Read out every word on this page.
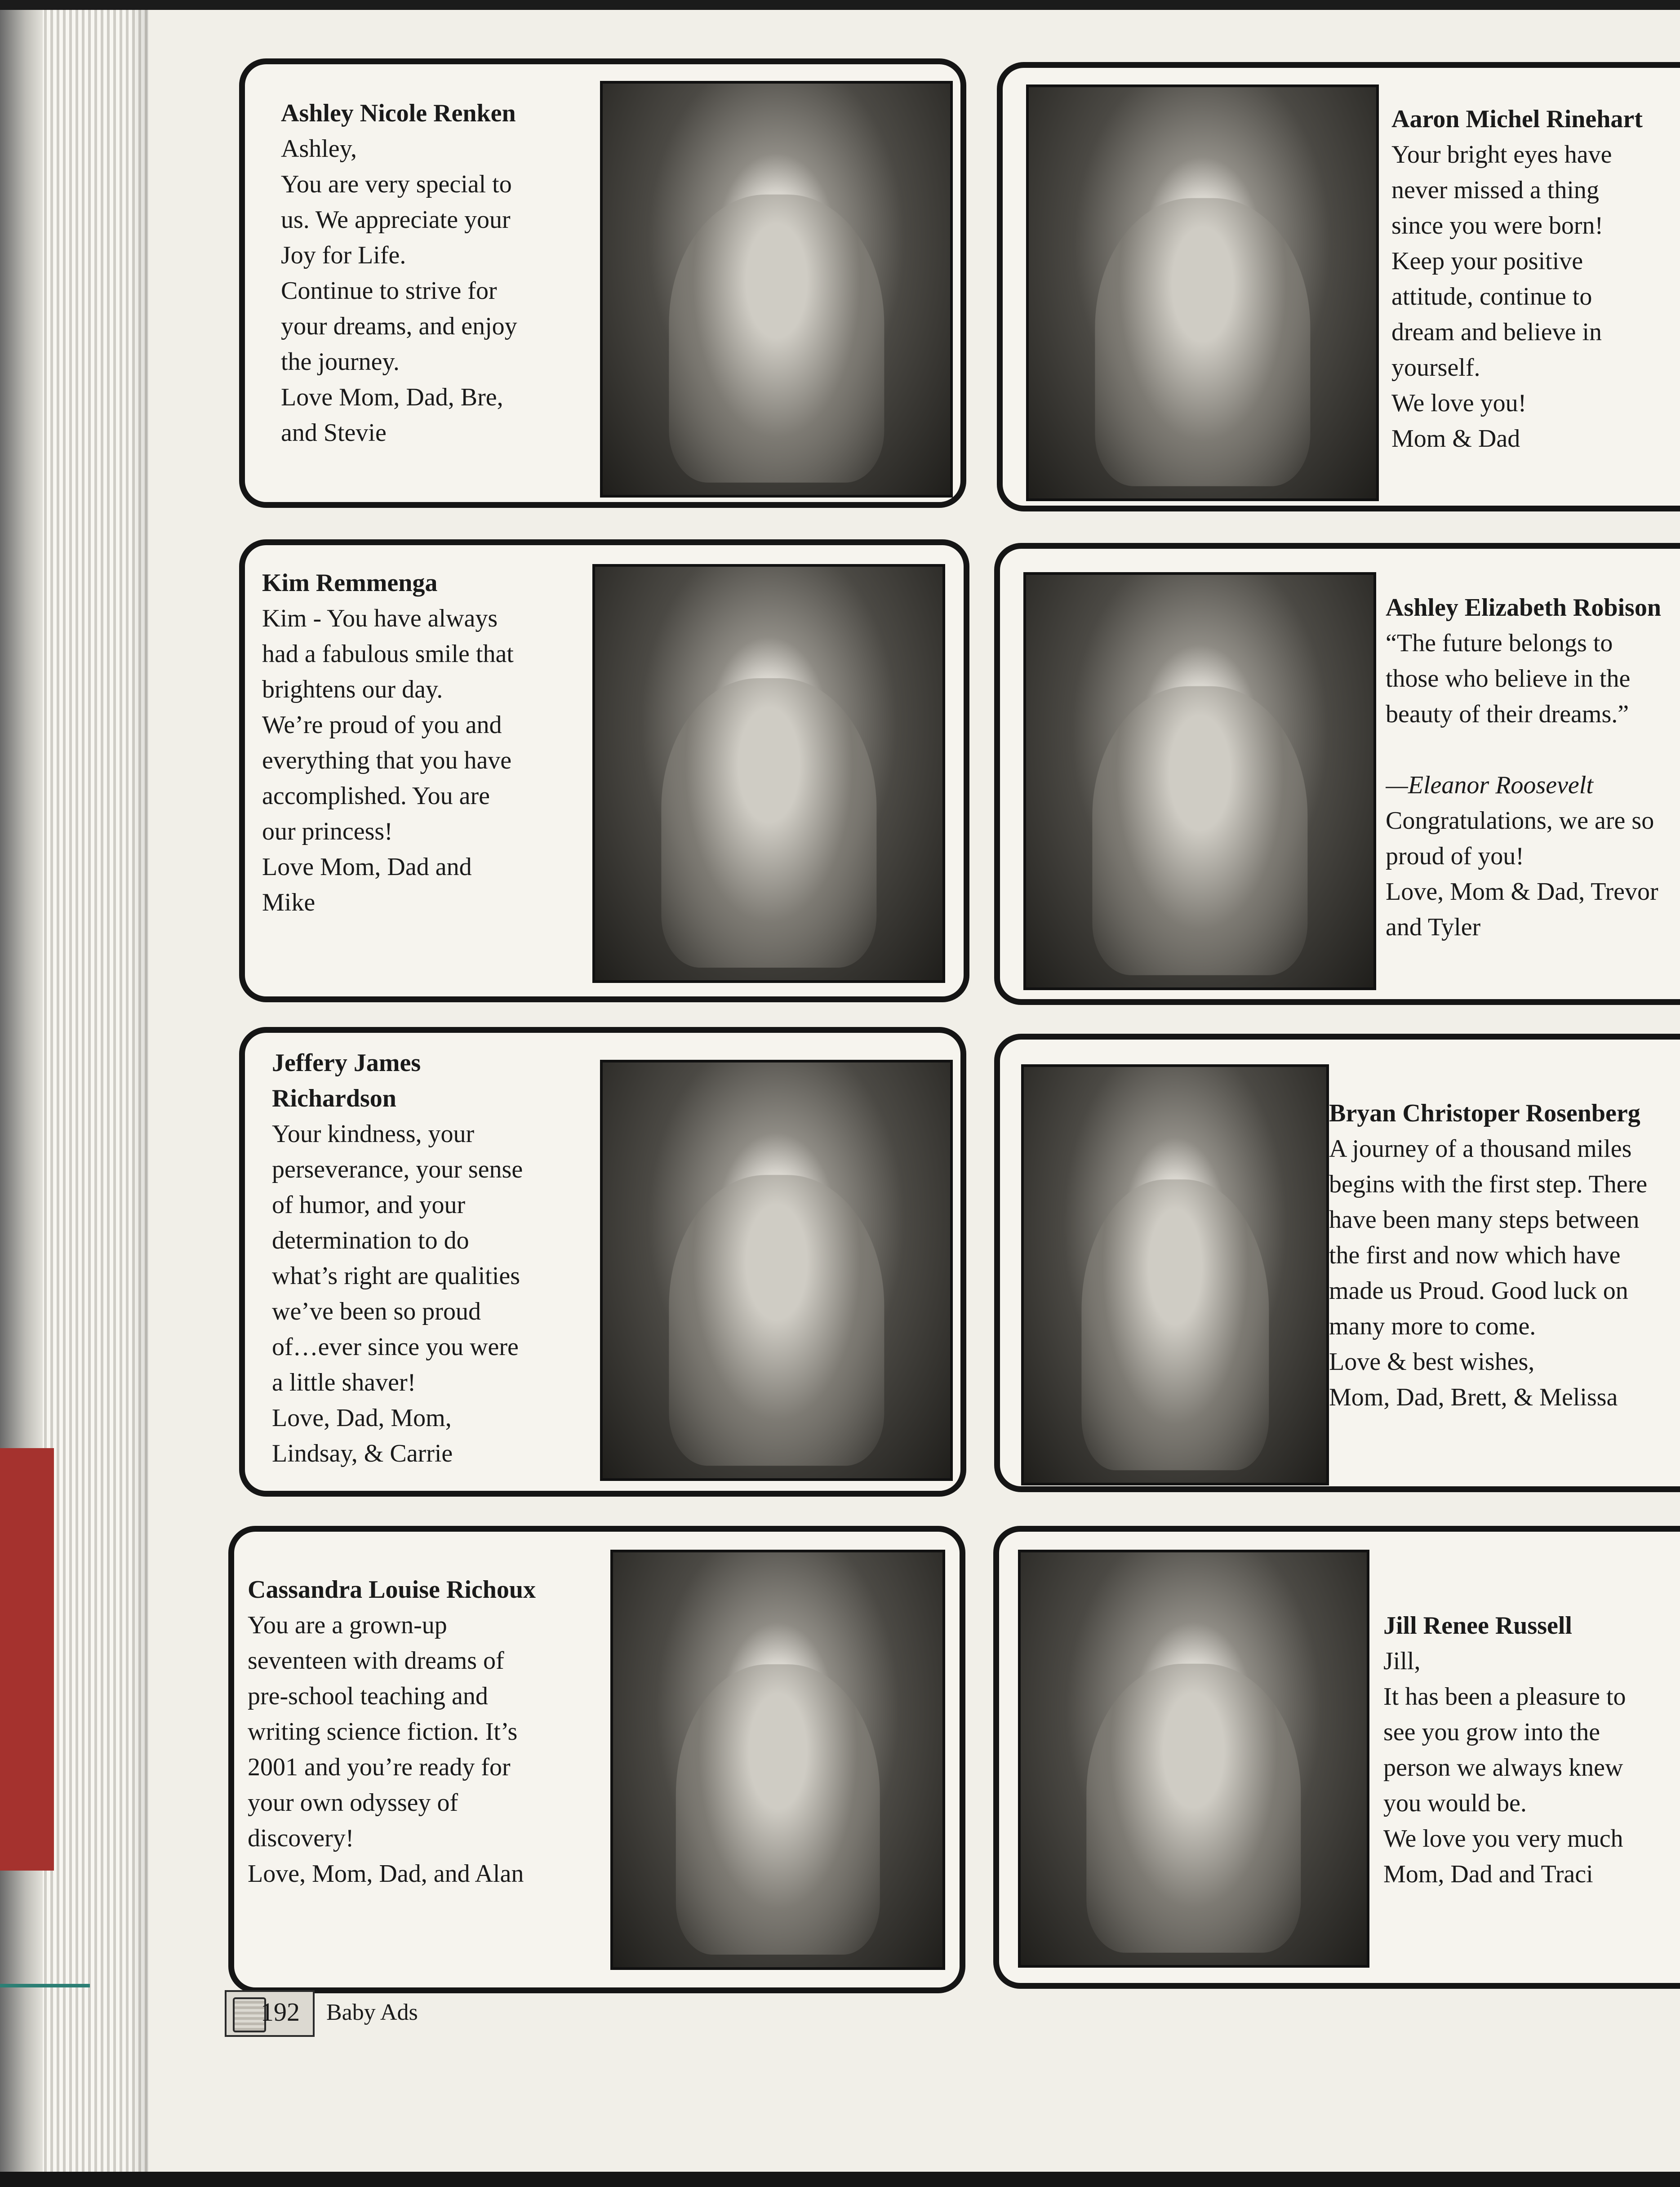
Ashley Nicole Renken
Ashley,
You are very special to
us. We appreciate your
Joy for Life.
Continue to strive for
your dreams, and enjoy
the journey.
Love Mom, Dad, Bre,
and Stevie
Aaron Michel Rinehart
Your bright eyes have
never missed a thing
since you were born!
Keep your positive
attitude, continue to
dream and believe in
yourself.
We love you!
Mom & Dad
Kim Remmenga
Kim - You have always
had a fabulous smile that
brightens our day.
We’re proud of you and
everything that you have
accomplished. You are
our princess!
Love Mom, Dad and
Mike
Ashley Elizabeth Robison
“The future belongs to
those who believe in the
beauty of their dreams.”
—Eleanor Roosevelt
Congratulations, we are so
proud of you!
Love, Mom & Dad, Trevor
and Tyler
Jeffery James
Richardson
Your kindness, your
perseverance, your sense
of humor, and your
determination to do
what’s right are qualities
we’ve been so proud
of…ever since you were
a little shaver!
Love, Dad, Mom,
Lindsay, & Carrie
Bryan Christoper Rosenberg
A journey of a thousand miles
begins with the first step. There
have been many steps between
the first and now which have
made us Proud. Good luck on
many more to come.
Love & best wishes,
Mom, Dad, Brett, & Melissa
Cassandra Louise Richoux
You are a grown-up
seventeen with dreams of
pre-school teaching and
writing science fiction. It’s
2001 and you’re ready for
your own odyssey of
discovery!
Love, Mom, Dad, and Alan
Jill Renee Russell
Jill,
It has been a pleasure to
see you grow into the
person we always knew
you would be.
We love you very much
Mom, Dad and Traci
192 Baby Ads
